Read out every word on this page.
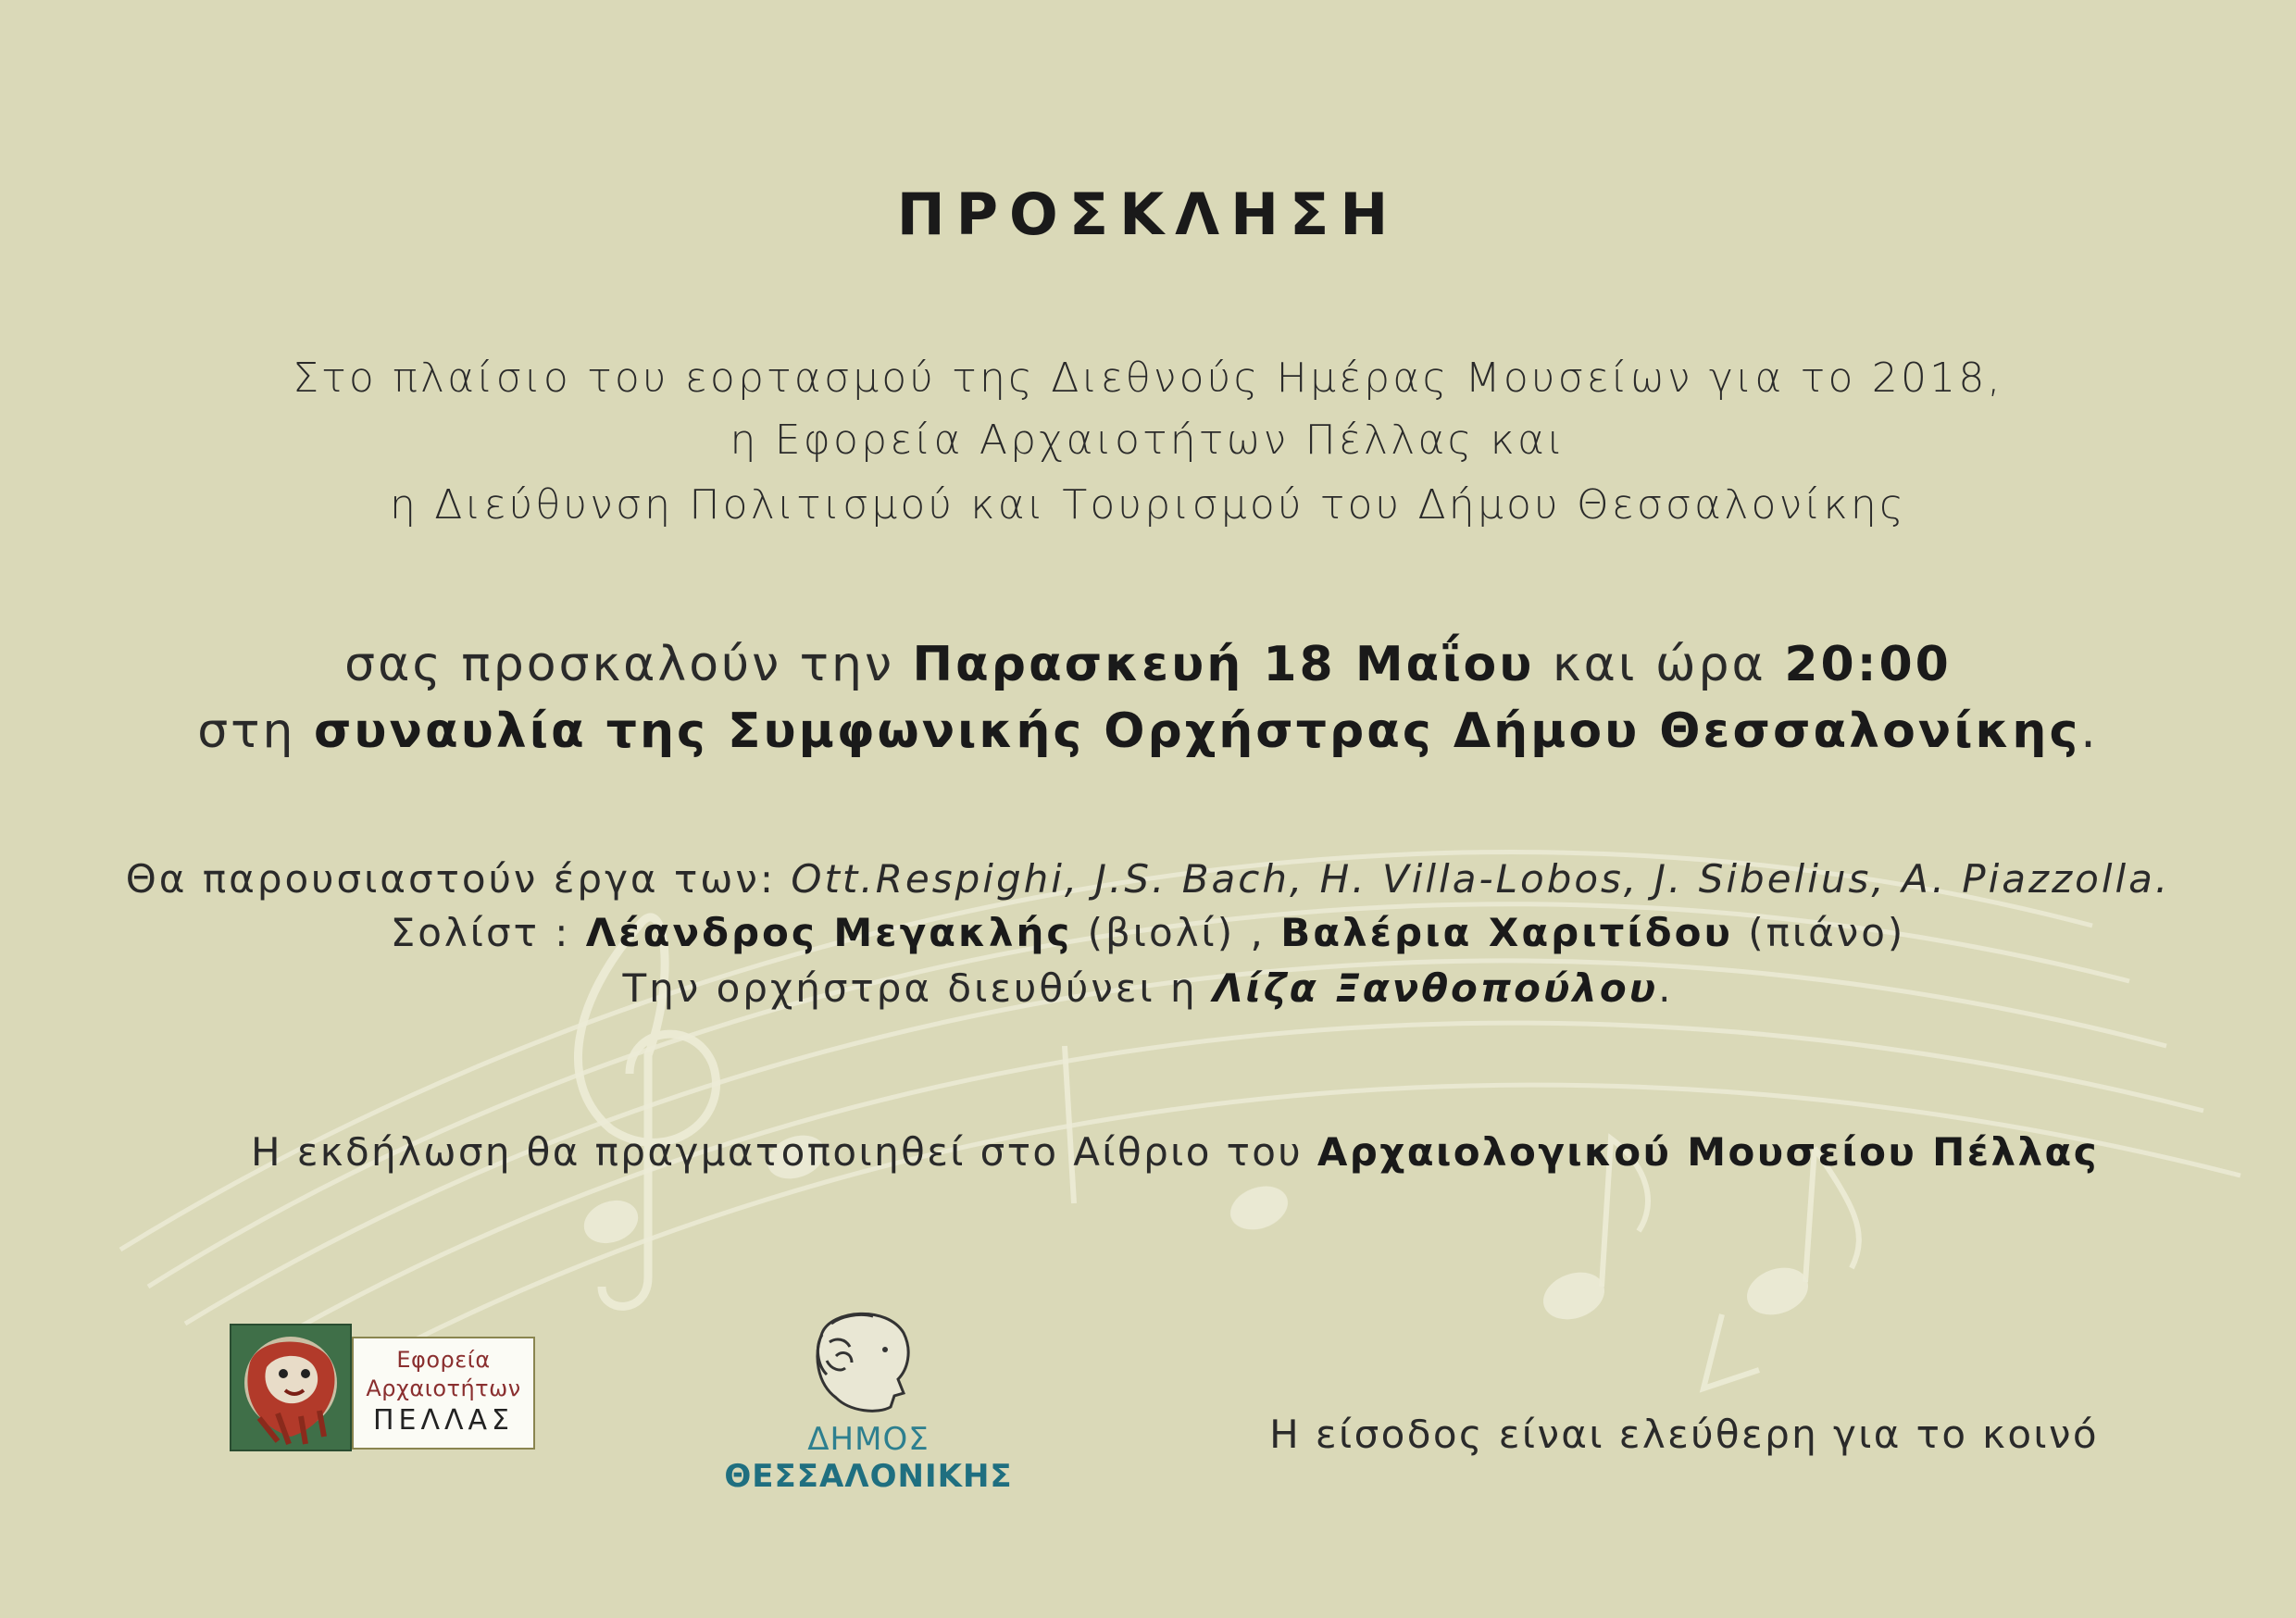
ΠΡΟΣΚΛΗΣΗ
Στο πλαίσιο του εορτασμού της Διεθνούς Ημέρας Μουσείων για το 2018,
η Εφορεία Αρχαιοτήτων Πέλλας και
η Διεύθυνση Πολιτισμού και Τουρισμού του Δήμου Θεσσαλονίκης
σας προσκαλούν την Παρασκευή 18 Μαΐου και ώρα 20:00
στη συναυλία της Συμφωνικής Ορχήστρας Δήμου Θεσσαλονίκης.
Θα παρουσιαστούν έργα των: Ott.Respighi, J.S. Bach, H. Villa-Lobos, J. Sibelius, A. Piazzolla.
Σολίστ : Λέανδρος Μεγακλής (βιολί) , Βαλέρια Χαριτίδου (πιάνο)
Την ορχήστρα διευθύνει η Λίζα Ξανθοπούλου.
Η εκδήλωση θα πραγματοποιηθεί στο Αίθριο του Αρχαιολογικού Μουσείου Πέλλας
Η είσοδος είναι ελεύθερη για το κοινό
Εφορεία
Αρχαιοτήτων
ΠΕΛΛΑΣ
ΔΗΜΟΣ ΘΕΣΣΑΛΟΝΙΚΗΣ
